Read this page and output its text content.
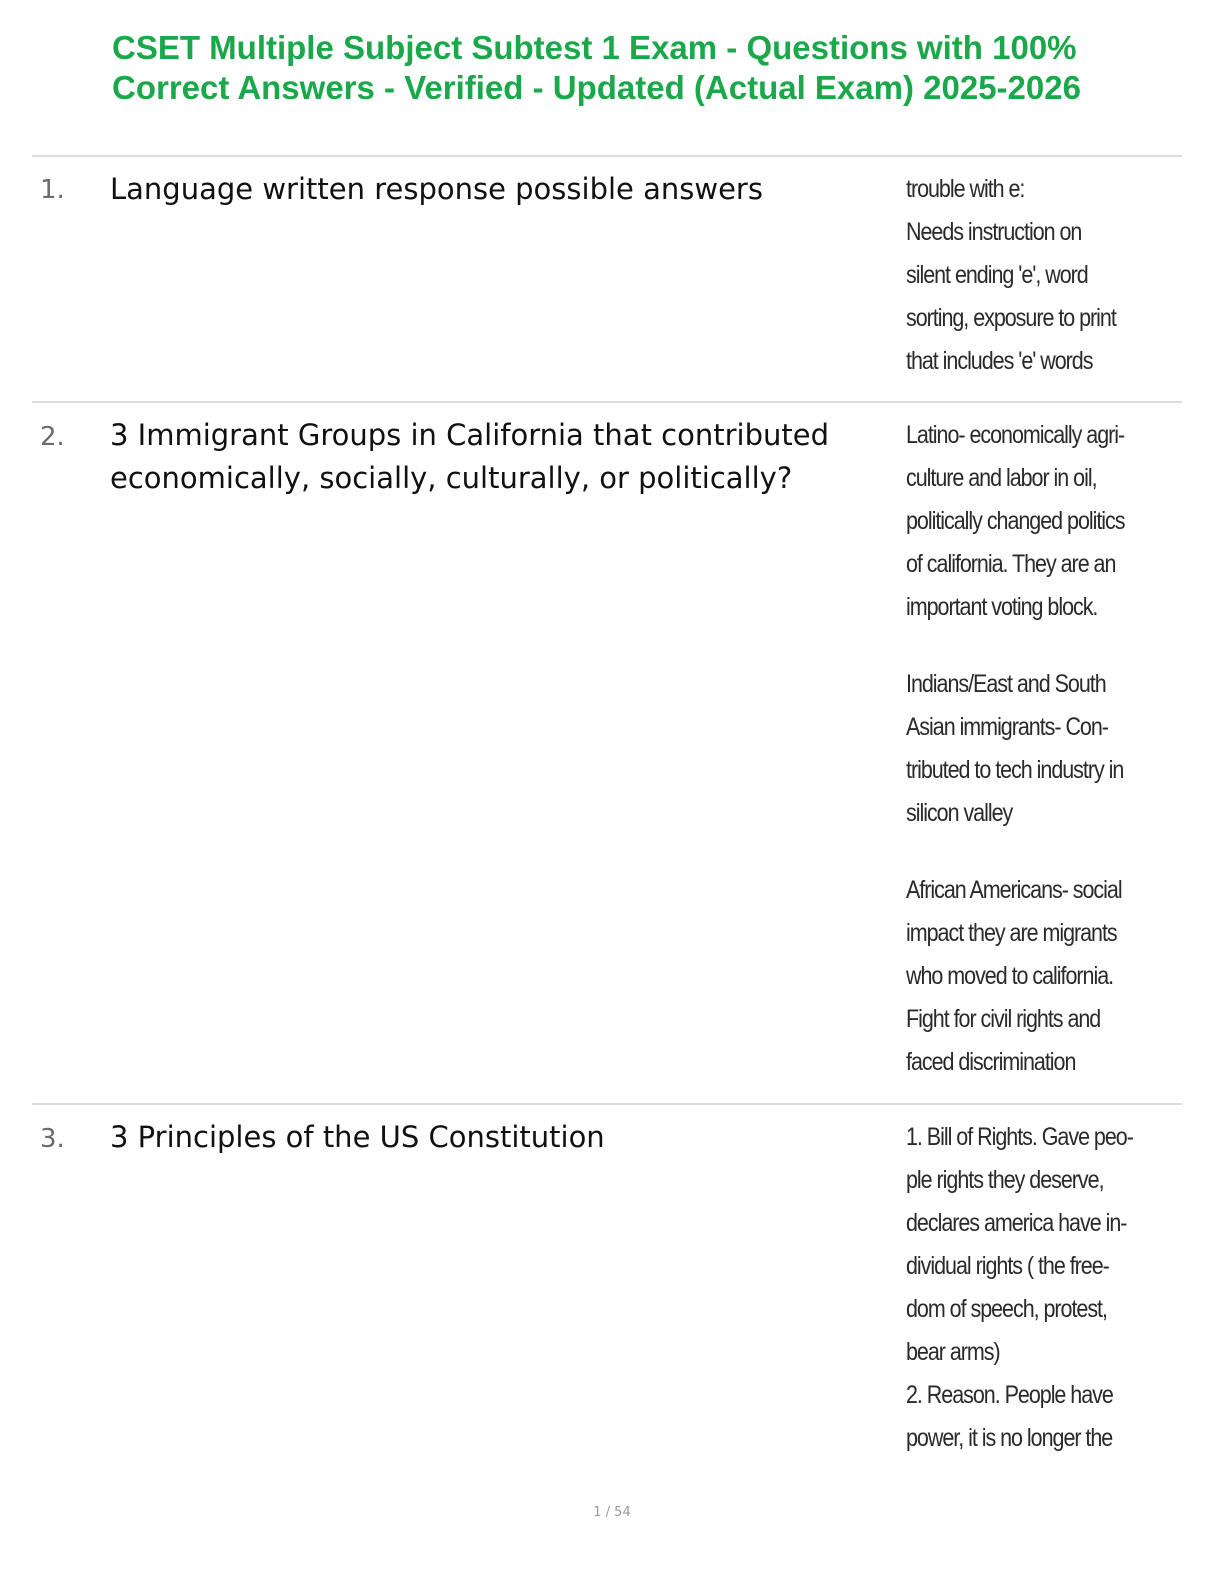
CSET Multiple Subject Subtest 1 Exam - Questions with 100%
Correct Answers - Verified - Updated (Actual Exam) 2025-2026
1. Language written response possible answers	trouble with e:
Needs instruction on
silent ending 'e', word
sorting, exposure to print
that includes 'e' words
2. 3 Immigrant Groups in California that contributed
economically, socially, culturally, or politically?
Latino- economically agri-
culture and labor in oil,
politically changed politics
of california. They are an
important voting block.
Indians/East and South
Asian immigrants- Con-
tributed to tech industry in
silicon valley
African Americans- social
impact they are migrants
who moved to california.
Fight for civil rights and
faced discrimination
3. 3 Principles of the US Constitution	1. Bill of Rights. Gave peo-
ple rights they deserve,
declares america have in-
dividual rights ( the free-
dom of speech, protest,
bear arms)
2. Reason. People have
power, it is no longer the
1 / 54
